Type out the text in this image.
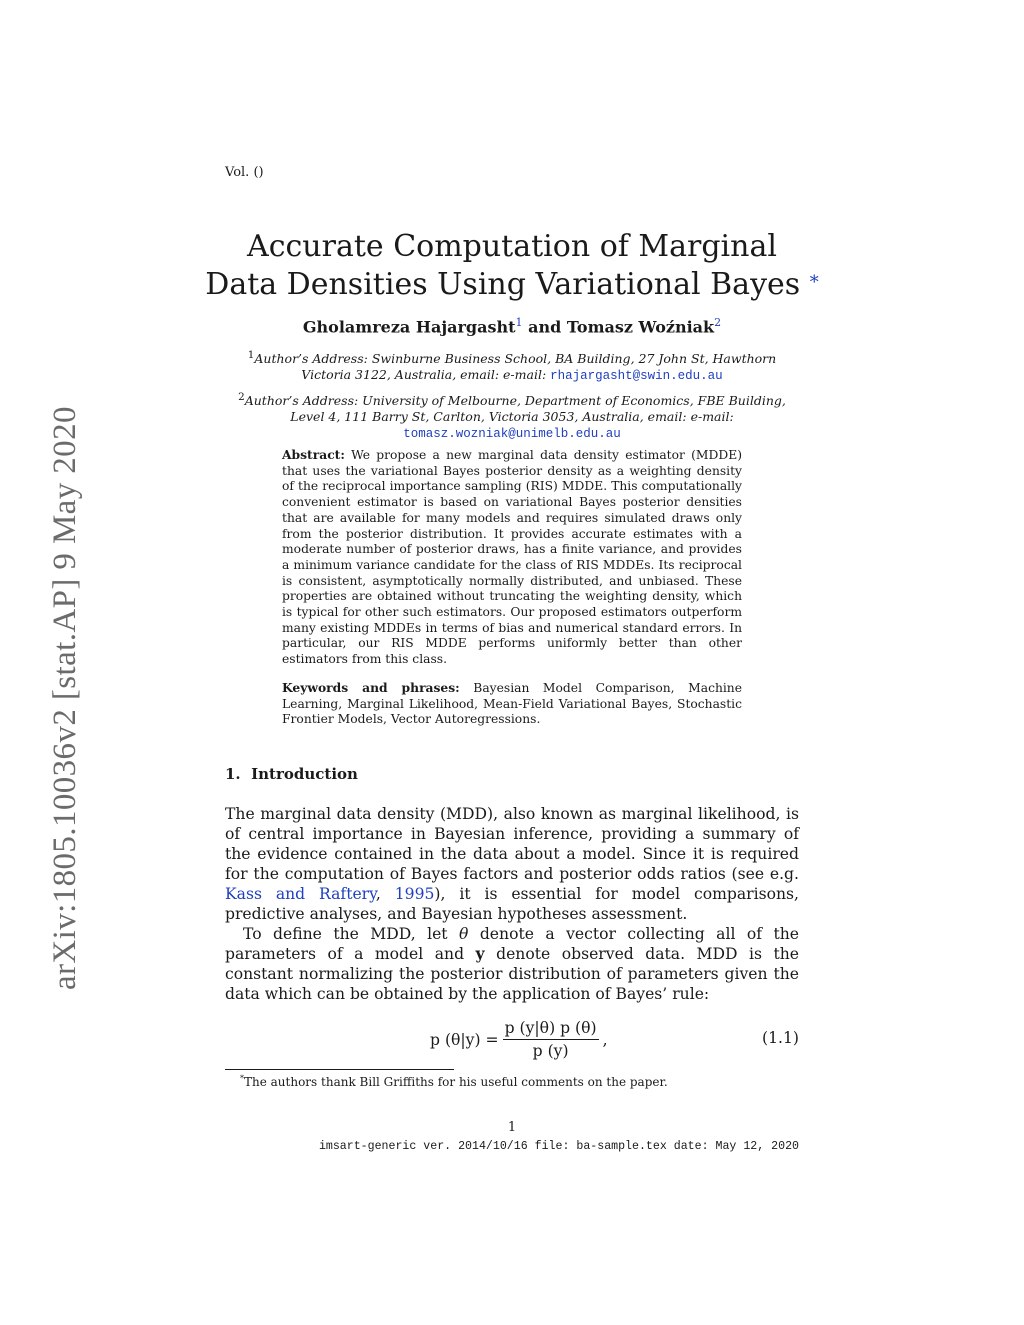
Vol. ()
arXiv:1805.10036v2 [stat.AP] 9 May 2020
Accurate Computation of Marginal
Data Densities Using Variational Bayes *
Gholamreza Hajargasht$^1$ and Tomasz Woźniak$^2$
$^1$Author’s Address: Swinburne Business School, BA Building, 27 John St, Hawthorn
Victoria 3122, Australia, email: e-mail: rhajargasht@swin.edu.au
$^2$Author’s Address: University of Melbourne, Department of Economics, FBE Building,
Level 4, 111 Barry St, Carlton, Victoria 3053, Australia, email: e-mail:
tomasz.wozniak@unimelb.edu.au
Abstract: We propose a new marginal data density estimator (MDDE) that uses the variational Bayes posterior density as a weighting density of the reciprocal importance sampling (RIS) MDDE. This computationally convenient estimator is based on variational Bayes posterior densities that are available for many models and requires simulated draws only from the posterior distribution. It provides accurate estimates with a moderate number of posterior draws, has a finite variance, and provides a minimum variance candidate for the class of RIS MDDEs. Its reciprocal is consistent, asymptotically normally distributed, and unbiased. These properties are obtained without truncating the weighting density, which is typical for other such estimators. Our proposed estimators outperform many existing MDDEs in terms of bias and numerical standard errors. In particular, our RIS MDDE performs uniformly better than other estimators from this class.
Keywords and phrases: Bayesian Model Comparison, Machine Learning, Marginal Likelihood, Mean-Field Variational Bayes, Stochastic Frontier Models, Vector Autoregressions.
1. Introduction
The marginal data density (MDD), also known as marginal likelihood, is of central importance in Bayesian inference, providing a summary of the evidence contained in the data about a model. Since it is required for the computation of Bayes factors and posterior odds ratios (see e.g. Kass and Raftery, 1995), it is essential for model comparisons, predictive analyses, and Bayesian hypotheses assessment.
To define the MDD, let θ denote a vector collecting all of the parameters of a model and y denote observed data. MDD is the constant normalizing the posterior distribution of parameters given the data which can be obtained by the application of Bayes’ rule:
p $(\theta|y) = \frac{p (y|\theta) p (\theta)}{p (y)}$ ,	(1.1)
*The authors thank Bill Griffiths for his useful comments on the paper.
1
imsart-generic ver. 2014/10/16 file: ba-sample.tex date: May 12, 2020
